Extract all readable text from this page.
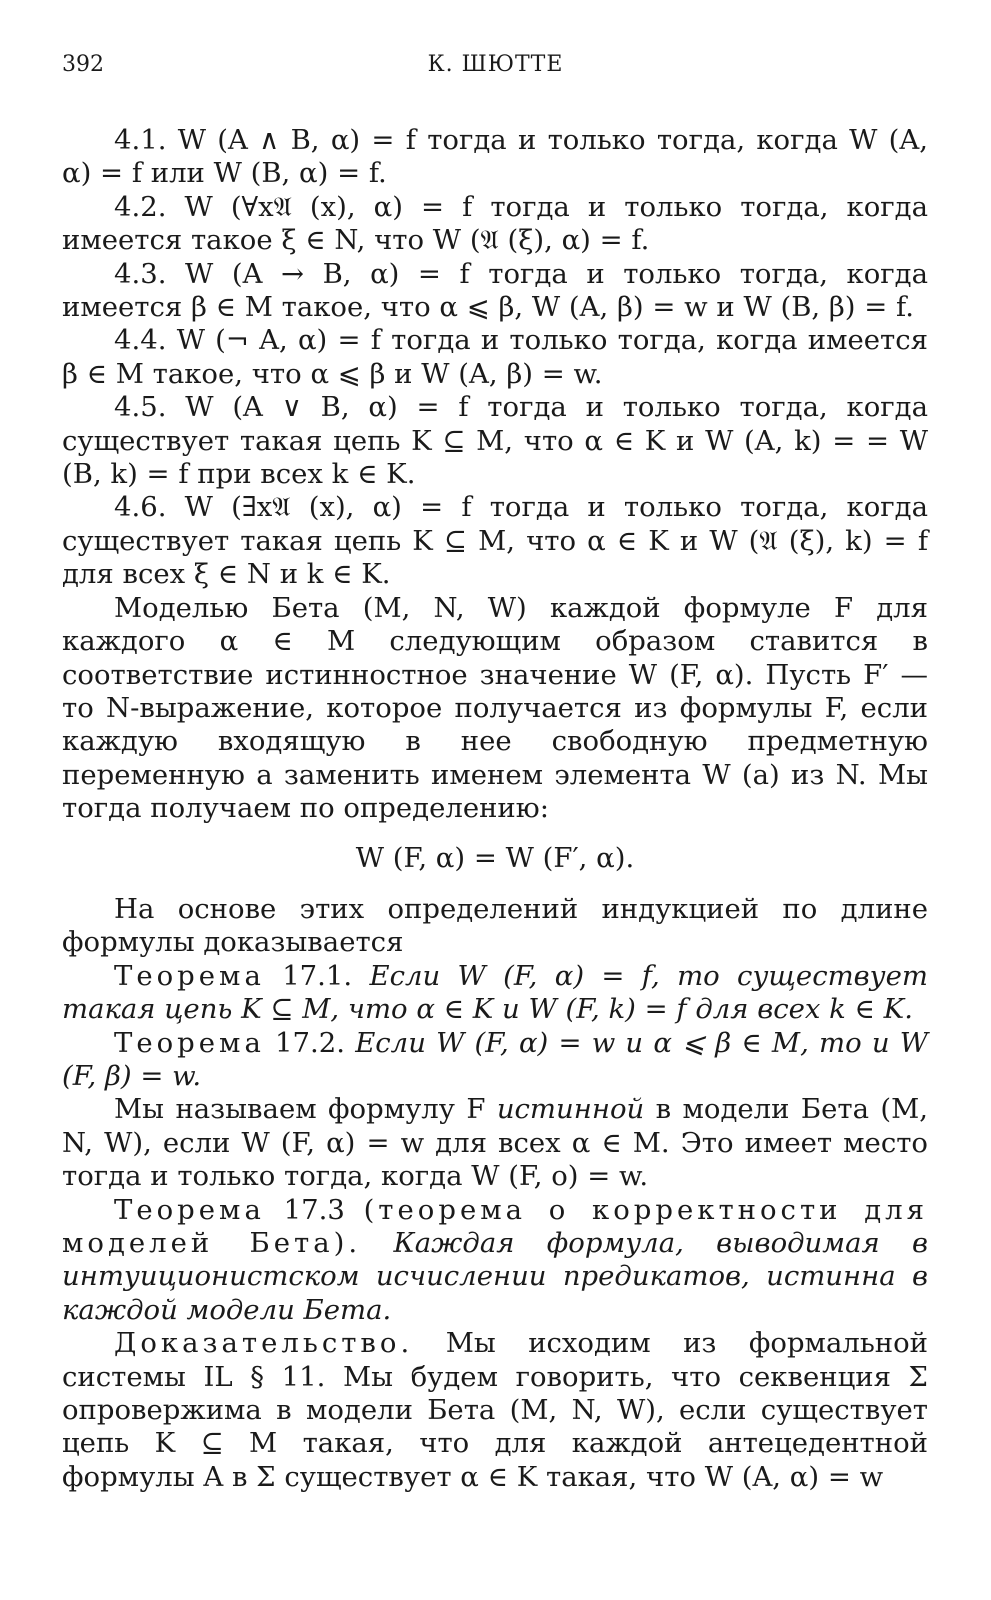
392	К. ШЮТТЕ

4.1. W (A ∧ B, α) = f тогда и только тогда, когда W (A, α) = f или W (B, α) = f.

4.2. W (∀x𝔄 (x), α) = f тогда и только тогда, когда имеется такое ξ ∈ N, что W (𝔄 (ξ), α) = f.

4.3. W (A → B, α) = f тогда и только тогда, когда имеется β ∈ M такое, что α ⩽ β, W (A, β) = w и W (B, β) = f.

4.4. W (¬ A, α) = f тогда и только тогда, когда имеется β ∈ M такое, что α ⩽ β и W (A, β) = w.

4.5. W (A ∨ B, α) = f тогда и только тогда, когда существует такая цепь K ⊆ M, что α ∈ K и W (A, k) = = W (B, k) = f при всех k ∈ K.

4.6. W (∃x𝔄 (x), α) = f тогда и только тогда, когда существует такая цепь K ⊆ M, что α ∈ K и W (𝔄 (ξ), k) = f для всех ξ ∈ N и k ∈ K.

Моделью Бета (M, N, W) каждой формуле F для каждого α ∈ M следующим образом ставится в соответствие истинностное значение W (F, α). Пусть F′ — то N-выражение, которое получается из формулы F, если каждую входящую в нее свободную предметную переменную a заменить именем элемента W (a) из N. Мы тогда получаем по определению:

W (F, α) = W (F′, α).

На основе этих определений индукцией по длине формулы доказывается

Теорема 17.1. Если W (F, α) = f, то существует такая цепь K ⊆ M, что α ∈ K и W (F, k) = f для всех k ∈ K.

Теорема 17.2. Если W (F, α) = w и α ⩽ β ∈ M, то и W (F, β) = w.

Мы называем формулу F истинной в модели Бета (M, N, W), если W (F, α) = w для всех α ∈ M. Это имеет место тогда и только тогда, когда W (F, o) = w.

Теорема 17.3 (теорема о корректности для моделей Бета). Каждая формула, выводимая в интуиционистском исчислении предикатов, истинна в каждой модели Бета.

Доказательство. Мы исходим из формальной системы IL § 11. Мы будем говорить, что секвенция Σ опровержима в модели Бета (M, N, W), если существует цепь K ⊆ M такая, что для каждой антецедентной формулы A в Σ существует α ∈ K такая, что W (A, α) = w
